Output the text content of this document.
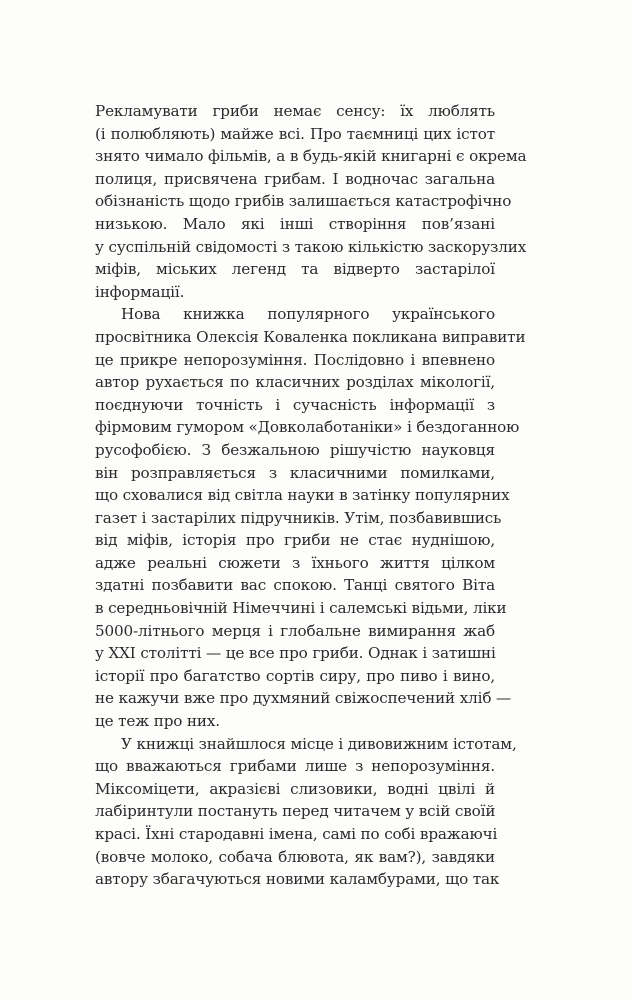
Рекламувати гриби немає сенсу: їх люблять
(і полюбляють) майже всі. Про таємниці цих істот
знято чимало фільмів, а в будь-якій книгарні є окрема
полиця, присвячена грибам. І водночас загальна
обізнаність щодо грибів залишається катастрофічно
низькою. Мало які інші створіння пов’язані
у суспільній свідомості з такою кількістю заскорузлих
міфів, міських легенд та відверто застарілої
інформації.
Нова книжка популярного українського
просвітника Олексія Коваленка покликана виправити
це прикре непорозуміння. Послідовно і впевнено
автор рухається по класичних розділах мікології,
поєднуючи точність і сучасність інформації з
фірмовим гумором «Довколаботаніки» і бездоганною
русофобією. З безжальною рішучістю науковця
він розправляється з класичними помилками,
що сховалися від світла науки в затінку популярних
газет і застарілих підручників. Утім, позбавившись
від міфів, історія про гриби не стає нуднішою,
адже реальні сюжети з їхнього життя цілком
здатні позбавити вас спокою. Танці святого Віта
в середньовічній Німеччині і салемські відьми, ліки
5000-літнього мерця і глобальне вимирання жаб
у XXI столітті — це все про гриби. Однак і затишні
історії про багатство сортів сиру, про пиво і вино,
не кажучи вже про духмяний свіжоспечений хліб —
це теж про них.
У книжці знайшлося місце і дивовижним істотам,
що вважаються грибами лише з непорозуміння.
Міксоміцети, акразієві слизовики, водні цвілі й
лабіринтули постануть перед читачем у всій своїй
красі. Їхні стародавні імена, самі по собі вражаючі
(вовче молоко, собача блювота, як вам?), завдяки
автору збагачуються новими каламбурами, що так
